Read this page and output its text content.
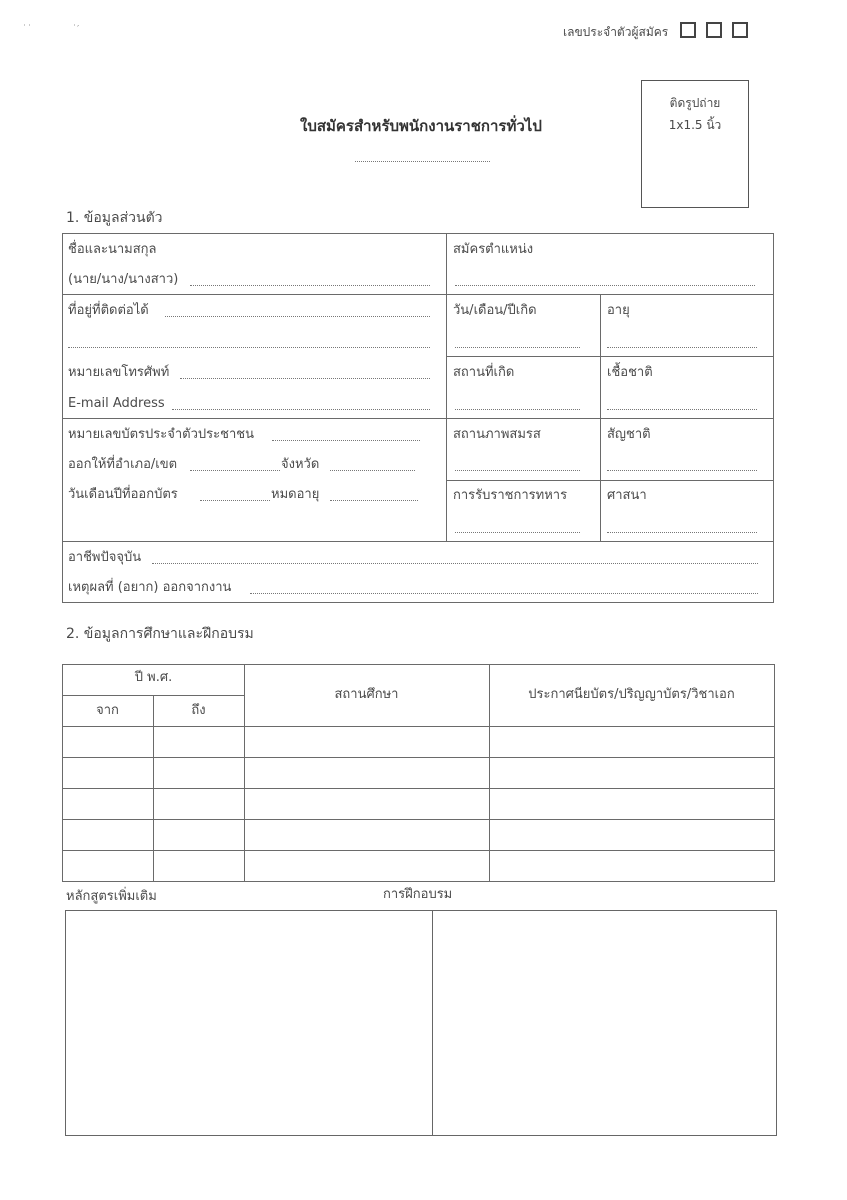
˙˙	˙′	เลขประจำตัวผู้สมัคร
ติดรูปถ่าย
1x1.5 นิ้ว
ใบสมัครสำหรับพนักงานราชการทั่วไป
1. ข้อมูลส่วนตัว
ชื่อและนามสกุล
(นาย/นาง/นางสาว)
ที่อยู่ที่ติดต่อได้
หมายเลขโทรศัพท์
E-mail Address
หมายเลขบัตรประจำตัวประชาชน
ออกให้ที่อำเภอ/เขต	จังหวัด
วันเดือนปีที่ออกบัตร	หมดอายุ
สมัครตำแหน่ง
วัน/เดือน/ปีเกิด	อายุ
สถานที่เกิด	เชื้อชาติ
สถานภาพสมรส	สัญชาติ
การรับราชการทหาร	ศาสนา
อาชีพปัจจุบัน
เหตุผลที่ (อยาก) ออกจากงาน
2. ข้อมูลการศึกษาและฝึกอบรม
ปี พ.ศ.
จาก	ถึง
สถานศึกษา	ประกาศนียบัตร/ปริญญาบัตร/วิชาเอก
หลักสูตรเพิ่มเติม	การฝึกอบรม
